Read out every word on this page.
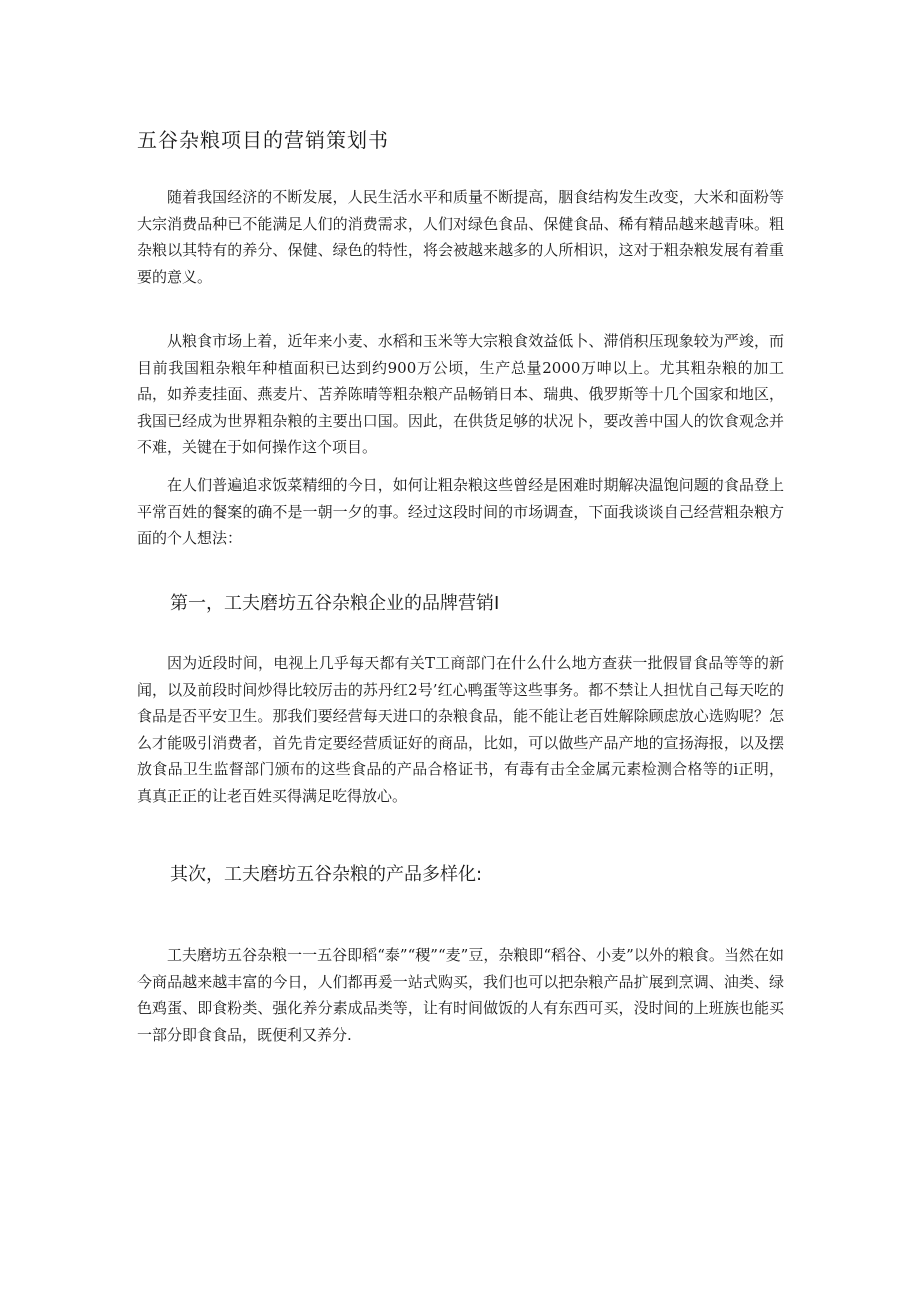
五谷杂粮项目的营销策划书

随着我国经济的不断发展，人民生活水平和质量不断提高，胭食结构发生改变，大米和面粉等大宗消费品种已不能满足人们的消费需求，人们对绿色食品、保健食品、稀有精品越来越青味。粗杂粮以其特有的养分、保健、绿色的特性，将会被越来越多的人所相识，这对于粗杂粮发展有着重要的意义。

从粮食市场上着，近年来小麦、水稻和玉米等大宗粮食效益低卜、滞俏积压现象较为严竣，而目前我国粗杂粮年种植面积已达到约900万公顷，生产总量2000万呻以上。尤其粗杂粮的加工品，如养麦挂面、燕麦片、苫养陈晴等粗杂粮产品畅销日本、瑞典、俄罗斯等十几个国家和地区，我国已经成为世界粗杂粮的主要出口国。因此，在供货足够的状况卜，要改善中国人的饮食观念并不难，关键在于如何操作这个项目。

在人们普遍追求饭菜精细的今日，如何让粗杂粮这些曾经是困难时期解决温饱问题的食品登上平常百姓的餐案的确不是一朝一夕的事。经过这段时间的市场调查，下面我谈谈自己经营粗杂粮方面的个人想法：

第一，工夫磨坊五谷杂粮企业的品牌营销I

因为近段时间，电视上几乎每天都有关T工商部门在什么什么地方查获一批假冒食品等等的新闻，以及前段时间炒得比较厉击的苏丹红2号’红心鸭蛋等这些事务。都不禁让人担忧自己每天吃的食品是否平安卫生。那我们要经营每天进口的杂粮食品，能不能让老百姓解除顾虑放心选购呢？怎么才能吸引消费者，首先肯定要经营质证好的商品，比如，可以做些产品产地的宣扬海报，以及摆放食品卫生监督部门颁布的这些食品的产品合格证书，有毒有击全金属元素检测合格等的i正明，真真正正的让老百姓买得满足吃得放心。

其次，工夫磨坊五谷杂粮的产品多样化:

工夫磨坊五谷杂粮一一五谷即稻“泰”“稷”“麦”豆，杂粮即“稻谷、小麦”以外的粮食。当然在如今商品越来越丰富的今日，人们都再爰一站式购买，我们也可以把杂粮产品扩展到烹调、油类、绿色鸡蛋、即食粉类、强化养分素成品类等，让有时间做饭的人有东西可买，没时间的上班族也能买一部分即食食品，既便利又养分.
